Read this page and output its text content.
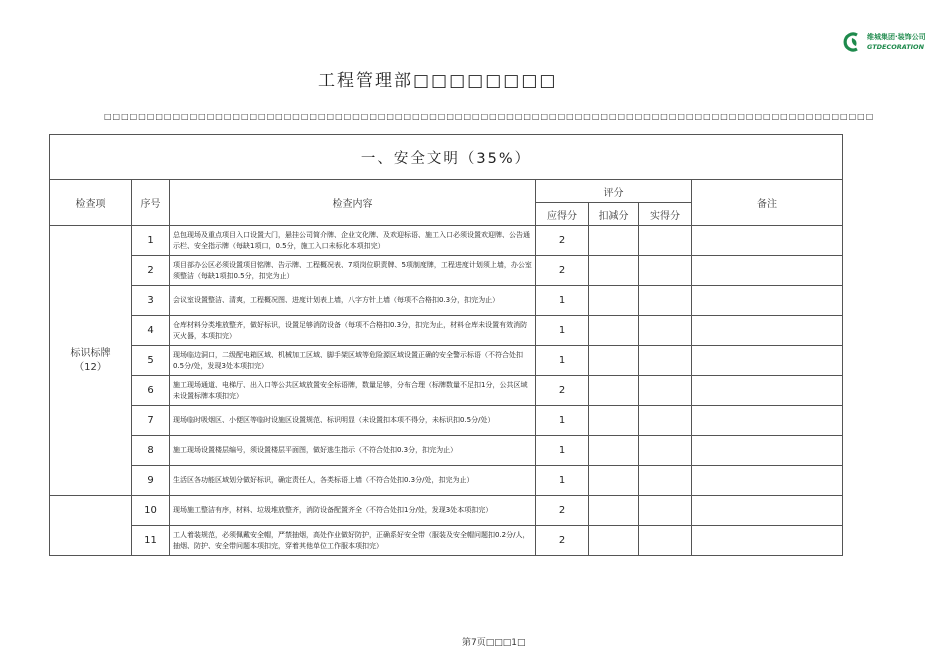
维城集团·装饰公司
GTDECORATION
工程管理部□□□□□□□□
□□□□□□□□□□□□□□□□□□□□□□□□□□□□□□□□□□□□□□□□□□□□□□□□□□□□□□□□□□□□□□□□□□□□□□□□□□□□□□□□□□□□□□□□□□
一、安全文明（35%）						
检查项	序号	检查内容	评分			备注
			应得分	扣减分	实得分	

标识标牌
（12）	1	总包现场及重点项目入口设置大门，悬挂公司简介牌、企业文化牌、及欢迎标语、施工入口必须设置欢迎牌、公告通示栏、安全指示牌（每缺1项口，0.5分，施工入口未标化本项扣完）	2			
	2	项目部办公区必须设置项目铭牌、告示牌、工程概况表、7项岗位职责牌、5项制度牌，工程进度计划须上墙，办公室须整洁（每缺1项扣0.5分，扣完为止）	2			
	3	会议室设置整洁、清爽，工程概况图、进度计划表上墙，八字方针上墙（每项不合格扣0.3分，扣完为止）	1			
	4	仓库材料分类堆放整齐，做好标识，设置足够消防设备（每项不合格扣0.3分，扣完为止，材料仓库未设置有效消防灭火器，本项扣完）	1			
	5	现场临边洞口，二级配电箱区域、机械加工区域、脚手架区域等危险源区域设置正确的安全警示标语（不符合处扣0.5分/处，发现3处本项扣完）	1			
	6	施工现场通道、电梯厅、出入口等公共区域放置安全标语牌，数量足够，分布合理（标牌数量不足扣1分，公共区域未设置标牌本项扣完）	2			
	7	现场临时吸烟区、小便区等临时设施区设置规范、标识明显（未设置扣本项不得分，未标识扣0.5分/处）	1			
	8	施工现场设置楼层编号，须设置楼层平面图，做好逃生指示（不符合处扣0.3分，扣完为止）	1			
	9	生活区各功能区域划分做好标识，确定责任人，各类标语上墙（不符合处扣0.3分/处，扣完为止）	1			
	10	现场施工整洁有序，材料、垃圾堆放整齐，消防设备配置齐全（不符合处扣1分/处，发现3处本项扣完）	2			
	11	工人着装规范，必须佩戴安全帽，严禁抽烟，高处作业做好防护，正确系好安全带（服装及安全帽问题扣0.2分/人，抽烟、防护、安全带问题本项扣完，穿着其他单位工作服本项扣完）	2			
第7页□□□1□
